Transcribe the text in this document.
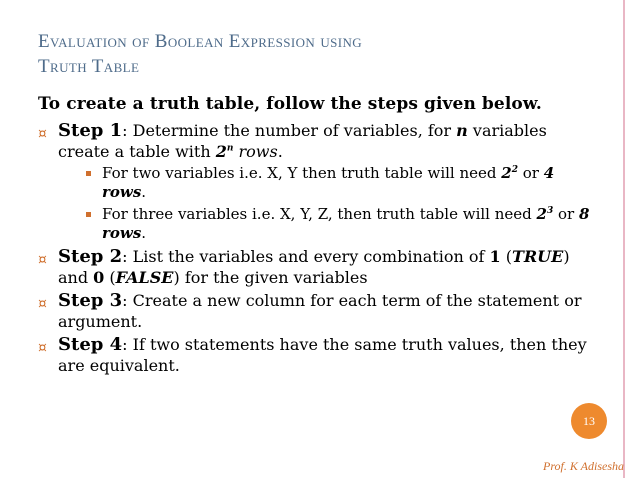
Evaluation of Boolean Expression using
Truth Table
To create a truth table, follow the steps given below.
¤ Step 1: Determine the number of variables, for n variables create a table with 2$^n$ rows.
For two variables i.e. X, Y then truth table will need $2^2$ or 4 rows.
For three variables i.e. X, Y, Z, then truth table will need $2^3$ or 8 rows.
¤ Step 2: List the variables and every combination of 1 (TRUE) and 0 (FALSE) for the given variables
¤ Step 3: Create a new column for each term of the statement or argument.
¤ Step 4: If two statements have the same truth values, then they are equivalent.
13
Prof. K Adisesha
